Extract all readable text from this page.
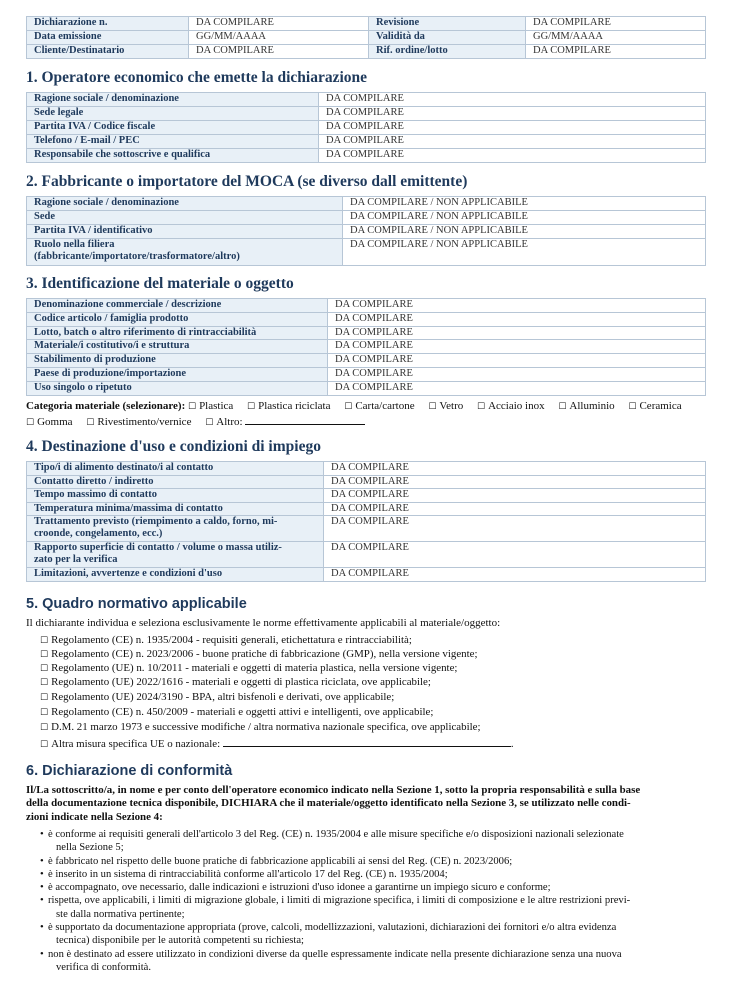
Dichiarazione n.	DA COMPILARE	Revisione	DA COMPILARE
Data emissione	GG/MM/AAAA	Validità da	GG/MM/AAAA
Cliente/Destinatario	DA COMPILARE	Rif. ordine/lotto	DA COMPILARE
1. Operatore economico che emette la dichiarazione
Ragione sociale / denominazione	DA COMPILARE
Sede legale	DA COMPILARE
Partita IVA / Codice fiscale	DA COMPILARE
Telefono / E-mail / PEC	DA COMPILARE
Responsabile che sottoscrive e qualifica	DA COMPILARE
2. Fabbricante o importatore del MOCA (se diverso dall emittente)
Ragione sociale / denominazione	DA COMPILARE / NON APPLICABILE
Sede	DA COMPILARE / NON APPLICABILE
Partita IVA / identificativo	DA COMPILARE / NON APPLICABILE

Ruolo nella filiera
(fabbricante/importatore/trasformatore/altro)	DA COMPILARE / NON APPLICABILE
3. Identificazione del materiale o oggetto
Denominazione commerciale / descrizione	DA COMPILARE
Codice articolo / famiglia prodotto	DA COMPILARE
Lotto, batch o altro riferimento di rintracciabilità	DA COMPILARE
Materiale/i costitutivo/i e struttura	DA COMPILARE
Stabilimento di produzione	DA COMPILARE
Paese di produzione/importazione	DA COMPILARE
Uso singolo o ripetuto	DA COMPILARE
Categoria materiale (selezionare): ☐ Plastica ☐ Plastica riciclata ☐ Carta/cartone ☐ Vetro ☐ Acciaio inox ☐ Alluminio ☐ Ceramica
☐ Gomma ☐ Rivestimento/vernice ☐ Altro:
4. Destinazione d'uso e condizioni di impiego
Tipo/i di alimento destinato/i al contatto	DA COMPILARE
Contatto diretto / indiretto	DA COMPILARE
Tempo massimo di contatto	DA COMPILARE
Temperatura minima/massima di contatto	DA COMPILARE

Trattamento previsto (riempimento a caldo, forno, mi-
croonde, congelamento, ecc.)	DA COMPILARE

Rapporto superficie di contatto / volume o massa utiliz-
zato per la verifica	DA COMPILARE
Limitazioni, avvertenze e condizioni d'uso	DA COMPILARE
5. Quadro normativo applicabile
Il dichiarante individua e seleziona esclusivamente le norme effettivamente applicabili al materiale/oggetto:
☐ Regolamento (CE) n. 1935/2004 - requisiti generali, etichettatura e rintracciabilità;
☐ Regolamento (CE) n. 2023/2006 - buone pratiche di fabbricazione (GMP), nella versione vigente;
☐ Regolamento (UE) n. 10/2011 - materiali e oggetti di materia plastica, nella versione vigente;
☐ Regolamento (UE) 2022/1616 - materiali e oggetti di plastica riciclata, ove applicabile;
☐ Regolamento (UE) 2024/3190 - BPA, altri bisfenoli e derivati, ove applicabile;
☐ Regolamento (CE) n. 450/2009 - materiali e oggetti attivi e intelligenti, ove applicabile;
☐ D.M. 21 marzo 1973 e successive modifiche / altra normativa nazionale specifica, ove applicabile;
☐ Altra misura specifica UE o nazionale:	.
6. Dichiarazione di conformità
Il/La sottoscritto/a, in nome e per conto dell'operatore economico indicato nella Sezione 1, sotto la propria responsabilità e sulla base
della documentazione tecnica disponibile, DICHIARA che il materiale/oggetto identificato nella Sezione 3, se utilizzato nelle condi-
zioni indicate nella Sezione 4:
• è conforme ai requisiti generali dell'articolo 3 del Reg. (CE) n. 1935/2004 e alle misure specifiche e/o disposizioni nazionali selezionate
nella Sezione 5;
• è fabbricato nel rispetto delle buone pratiche di fabbricazione applicabili ai sensi del Reg. (CE) n. 2023/2006;
• è inserito in un sistema di rintracciabilità conforme all'articolo 17 del Reg. (CE) n. 1935/2004;
• è accompagnato, ove necessario, dalle indicazioni e istruzioni d'uso idonee a garantirne un impiego sicuro e conforme;
• rispetta, ove applicabili, i limiti di migrazione globale, i limiti di migrazione specifica, i limiti di composizione e le altre restrizioni previ-
ste dalla normativa pertinente;
• è supportato da documentazione appropriata (prove, calcoli, modellizzazioni, valutazioni, dichiarazioni dei fornitori e/o altra evidenza
tecnica) disponibile per le autorità competenti su richiesta;
• non è destinato ad essere utilizzato in condizioni diverse da quelle espressamente indicate nella presente dichiarazione senza una nuova
verifica di conformità.
